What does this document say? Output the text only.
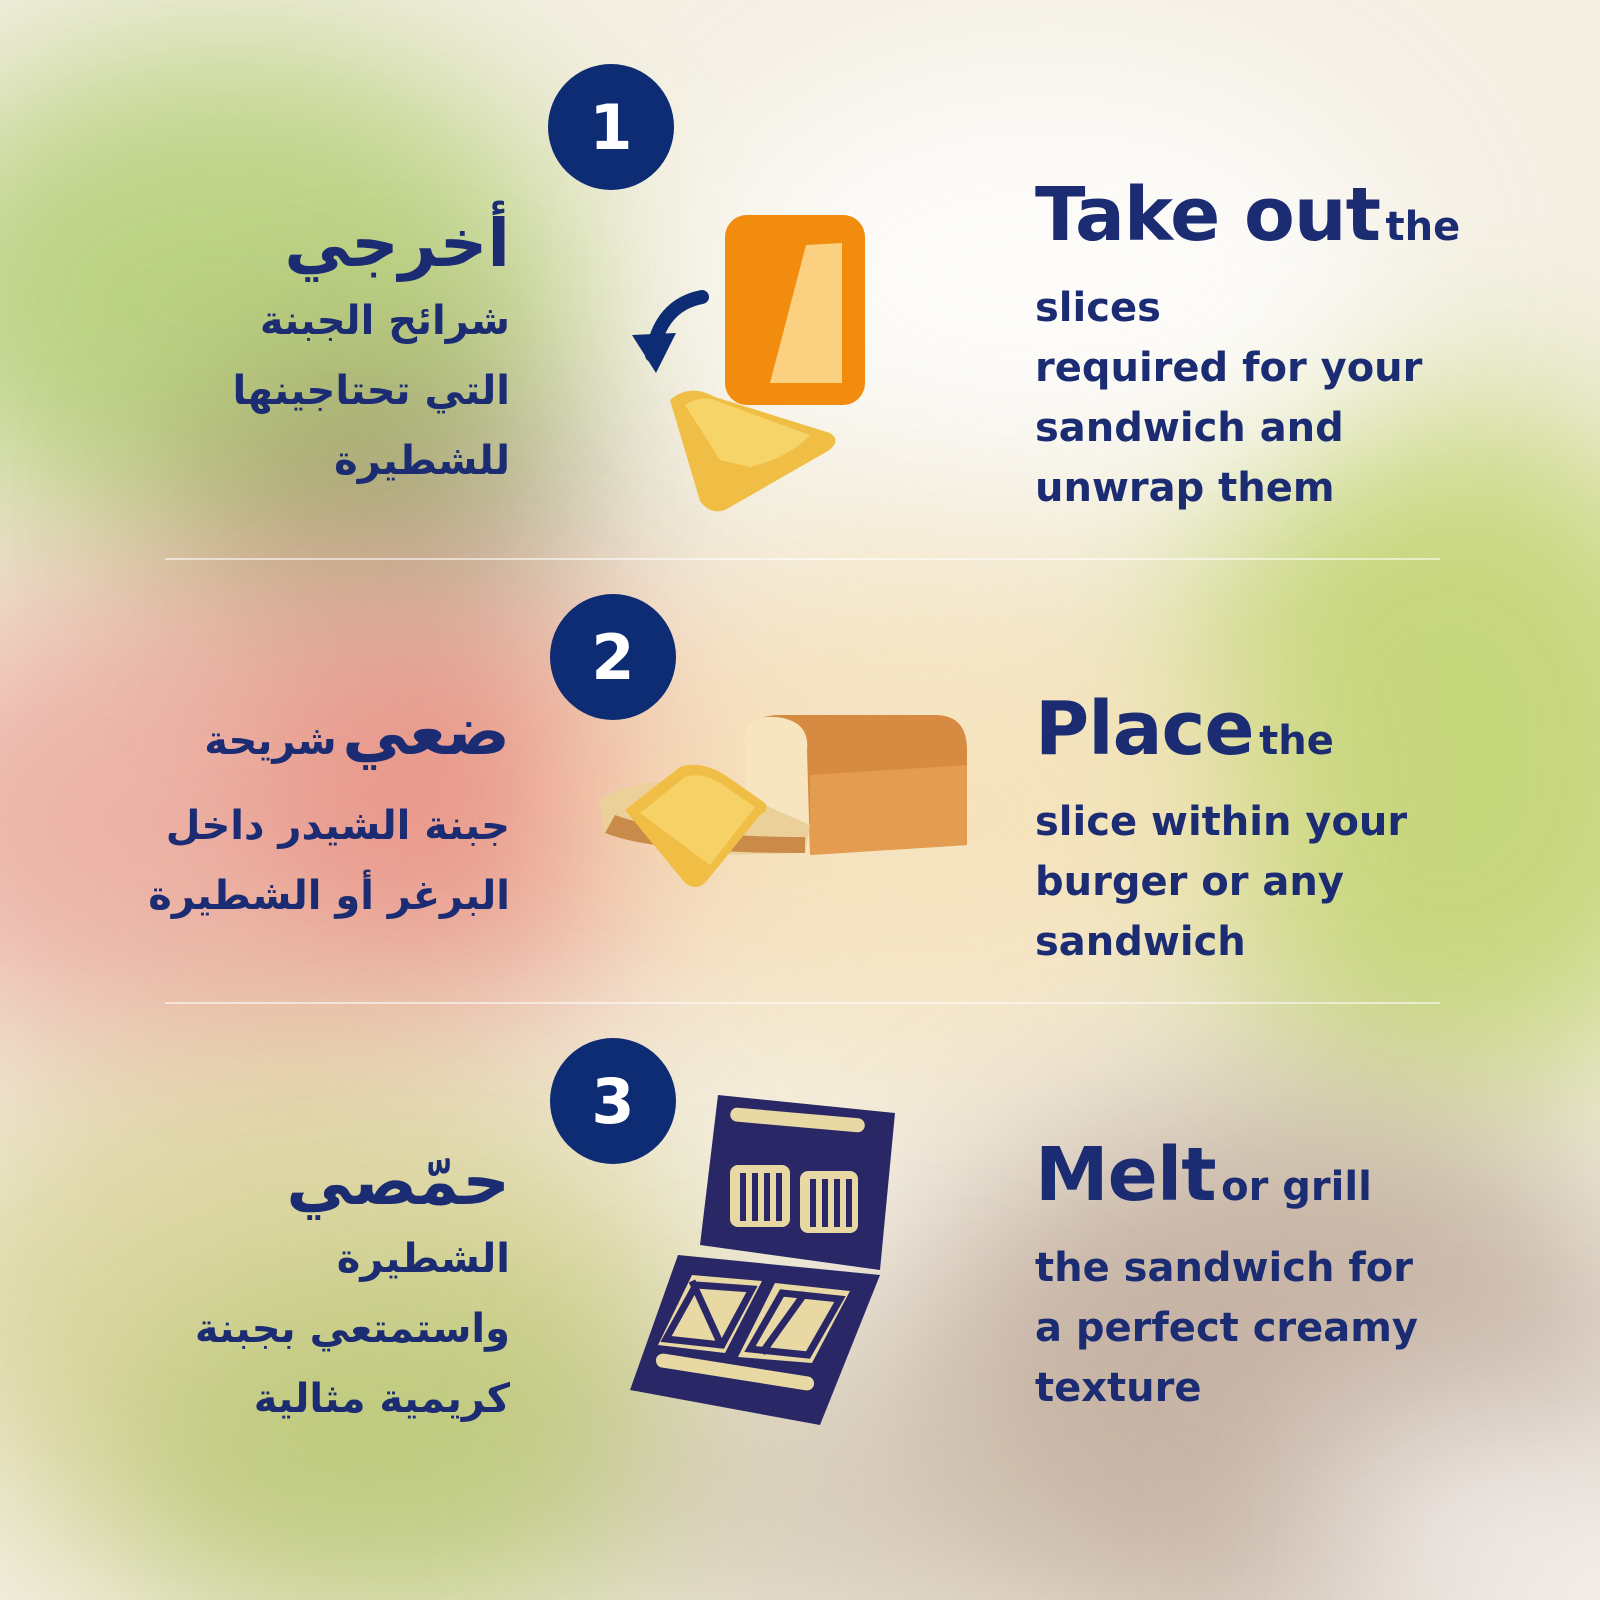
1
أخرجي
شرائح الجبنة
التي تحتاجينها
للشطيرة
Take out the
slices
required for your
sandwich and
unwrap them
2
ضعي شريحة
جبنة الشيدر داخل
البرغر أو الشطيرة
Place the
slice within your
burger or any
sandwich
3
حمّصي
الشطيرة
واستمتعي بجبنة
كريمية مثالية
Melt or grill
the sandwich for
a perfect creamy
texture
